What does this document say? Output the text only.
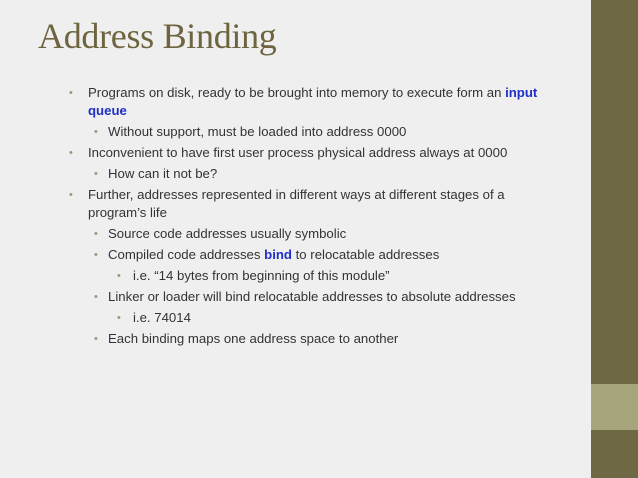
Address Binding
• Programs on disk, ready to be brought into memory to execute form an input queue
• Without support, must be loaded into address 0000
• Inconvenient to have first user process physical address always at 0000
• How can it not be?
• Further, addresses represented in different ways at different stages of a program’s life
• Source code addresses usually symbolic
• Compiled code addresses bind to relocatable addresses
• i.e. “14 bytes from beginning of this module”
• Linker or loader will bind relocatable addresses to absolute addresses
• i.e. 74014
• Each binding maps one address space to another
